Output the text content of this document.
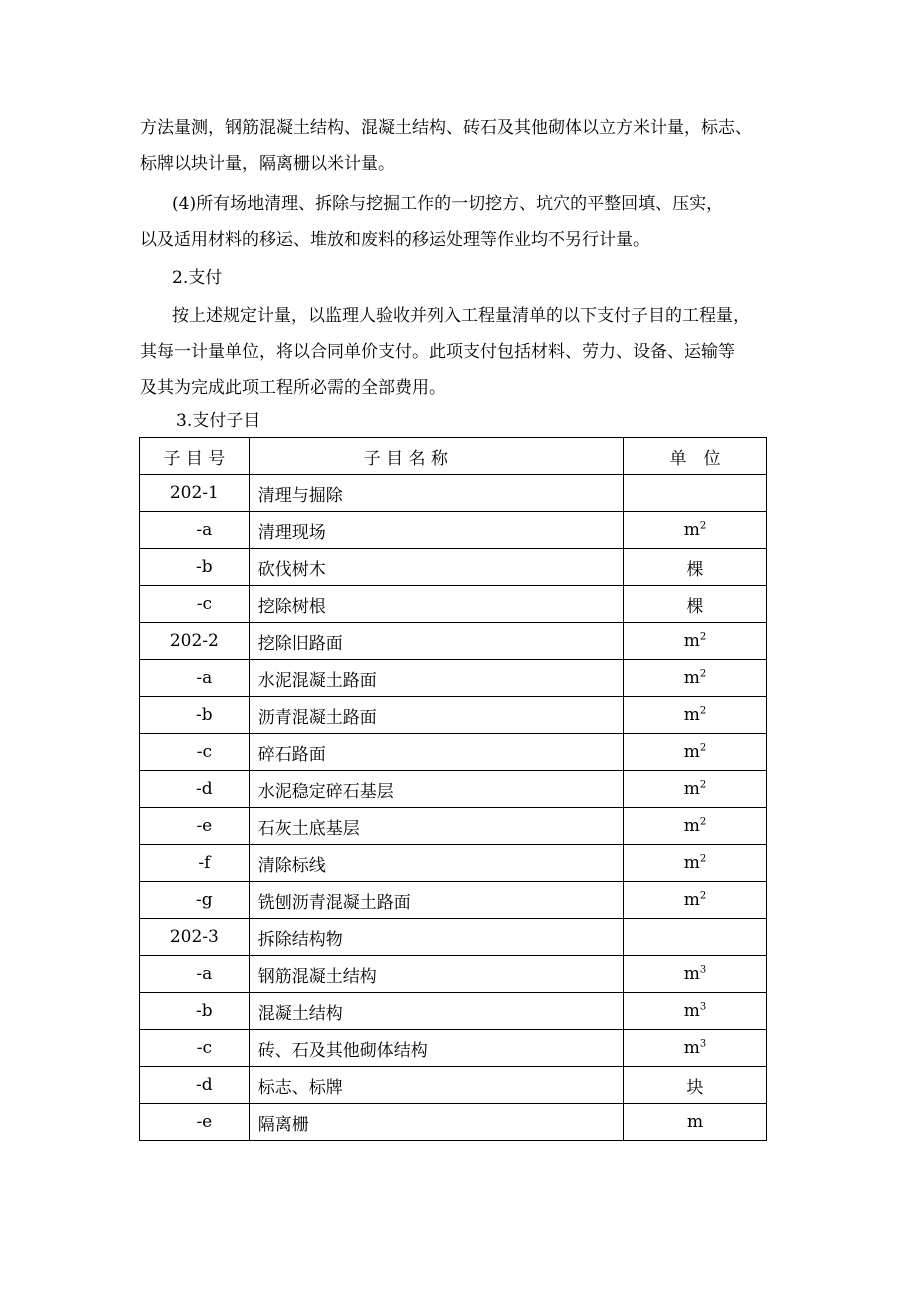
方法量测，钢筋混凝土结构、混凝土结构、砖石及其他砌体以立方米计量，标志、
标牌以块计量，隔离栅以米计量。
(4)所有场地清理、拆除与挖掘工作的一切挖方、坑穴的平整回填、压实，
以及适用材料的移运、堆放和废料的移运处理等作业均不另行计量。
2.支付
按上述规定计量，以监理人验收并列入工程量清单的以下支付子目的工程量，
其每一计量单位，将以合同单价支付。此项支付包括材料、劳力、设备、运输等
及其为完成此项工程所必需的全部费用。
3.支付子目
子 目 号	子 目 名 称	单　位
202-1	清理与掘除	
-a	清理现场	$m^2$
-b	砍伐树木	棵
-c	挖除树根	棵
202-2	挖除旧路面	$m^2$
-a	水泥混凝土路面	$m^2$
-b	沥青混凝土路面	$m^2$
-c	碎石路面	$m^2$
-d	水泥稳定碎石基层	$m^2$
-e	石灰土底基层	$m^2$
-f	清除标线	$m^2$
-g	铣刨沥青混凝土路面	$m^2$
202-3	拆除结构物	
-a	钢筋混凝土结构	$m^3$
-b	混凝土结构	$m^3$
-c	砖、石及其他砌体结构	$m^3$
-d	标志、标牌	块
-e	隔离栅	m
